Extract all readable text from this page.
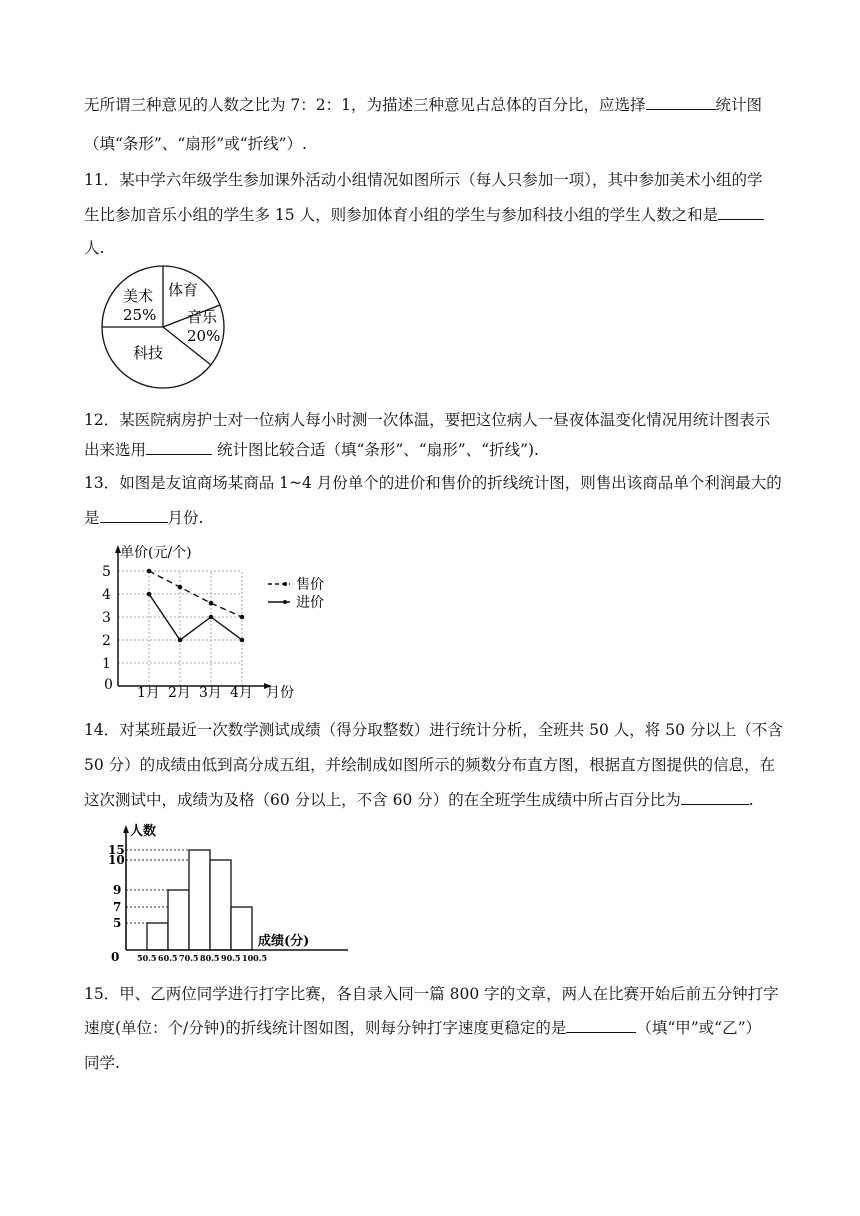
无所谓三种意见的人数之比为 7：2：1，为描述三种意见占总体的百分比，应选择	统计图
（填“条形”、“扇形”或“折线”）.
11．某中学六年级学生参加课外活动小组情况如图所示（每人只参加一项），其中参加美术小组的学
生比参加音乐小组的学生多 15 人，则参加体育小组的学生与参加科技小组的学生人数之和是
人.
美术
25%
体育
音乐
20%
科技
12．某医院病房护士对一位病人每小时测一次体温，要把这位病人一昼夜体温变化情况用统计图表示
出来选用	统计图比较合适（填“条形”、“扇形”、“折线”).
13．如图是友谊商场某商品 1~4 月份单个的进价和售价的折线统计图，则售出该商品单个利润最大的
是	月份.
单价(元/个)
月份
0
1
2
3
4
5
1月 2月 3月 4月
售价
进价
14．对某班最近一次数学测试成绩（得分取整数）进行统计分析，全班共 50 人，将 50 分以上（不含
50 分）的成绩由低到高分成五组，并绘制成如图所示的频数分布直方图，根据直方图提供的信息，在
这次测试中，成绩为及格（60 分以上，不含 60 分）的在全班学生成绩中所占百分比为	.
人数
成绩(分)
0
5
7
9
10
15
50.5 60.5 70.5 80.5 90.5 100.5
15．甲、乙两位同学进行打字比赛，各自录入同一篇 800 字的文章，两人在比赛开始后前五分钟打字
速度(单位：个/分钟)的折线统计图如图，则每分钟打字速度更稳定的是	（填“甲”或“乙”）
同学.
